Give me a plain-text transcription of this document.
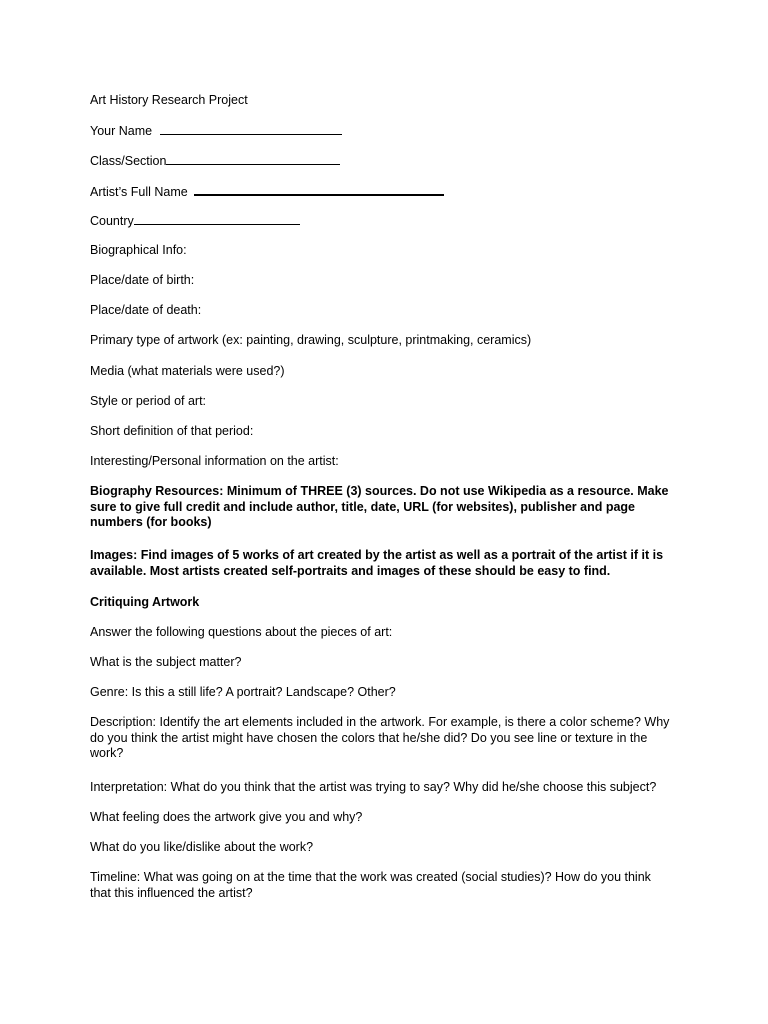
Art History Research Project
Your Name
Class/Section
Artist’s Full Name
Country
Biographical Info:
Place/date of birth:
Place/date of death:
Primary type of artwork (ex: painting, drawing, sculpture, printmaking, ceramics)
Media (what materials were used?)
Style or period of art:
Short definition of that period:
Interesting/Personal information on the artist:
Biography Resources: Minimum of THREE (3) sources. Do not use Wikipedia as a resource. Make sure to give full credit and include author, title, date, URL (for websites), publisher and page numbers (for books)
Images: Find images of 5 works of art created by the artist as well as a portrait of the artist if it is available. Most artists created self-portraits and images of these should be easy to find.
Critiquing Artwork
Answer the following questions about the pieces of art:
What is the subject matter?
Genre: Is this a still life? A portrait? Landscape? Other?
Description: Identify the art elements included in the artwork. For example, is there a color scheme? Why do you think the artist might have chosen the colors that he/she did? Do you see line or texture in the work?
Interpretation: What do you think that the artist was trying to say? Why did he/she choose this subject?
What feeling does the artwork give you and why?
What do you like/dislike about the work?
Timeline: What was going on at the time that the work was created (social studies)? How do you think that this influenced the artist?
